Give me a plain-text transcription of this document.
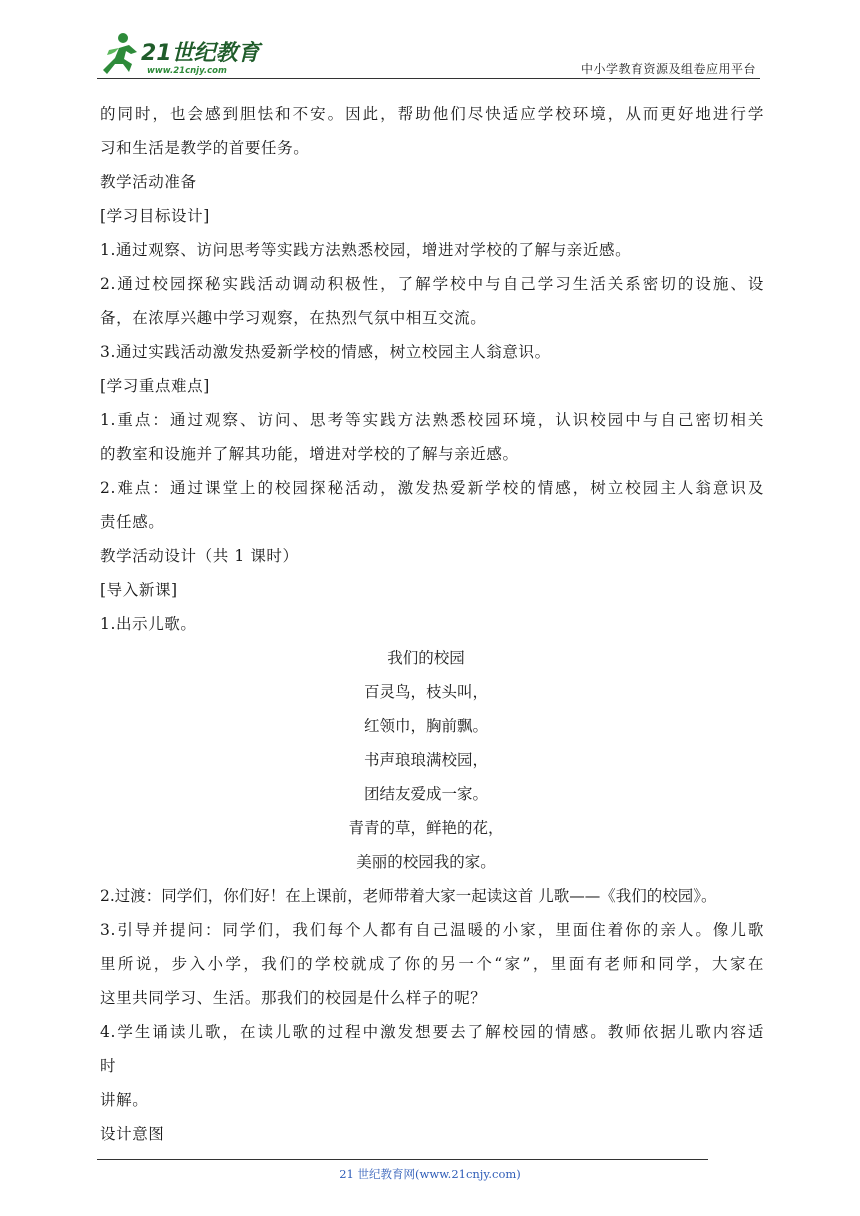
21世纪教育
www.21cnjy.com	中小学教育资源及组卷应用平台
的同时，也会感到胆怯和不安。因此，帮助他们尽快适应学校环境，从而更好地进行学
习和生活是教学的首要任务。
教学活动准备
[学习目标设计]
1.通过观察、访问思考等实践方法熟悉校园，增进对学校的了解与亲近感。
2.通过校园探秘实践活动调动积极性，了解学校中与自己学习生活关系密切的设施、设
备，在浓厚兴趣中学习观察，在热烈气氛中相互交流。
3.通过实践活动激发热爱新学校的情感，树立校园主人翁意识。
[学习重点难点]
1.重点：通过观察、访问、思考等实践方法熟悉校园环境，认识校园中与自己密切相关
的教室和设施并了解其功能，增进对学校的了解与亲近感。
2.难点：通过课堂上的校园探秘活动，激发热爱新学校的情感，树立校园主人翁意识及
责任感。
教学活动设计（共 1 课时）
[导入新课]
1.出示儿歌。
我们的校园
百灵鸟，枝头叫，
红领巾，胸前飘。
书声琅琅满校园，
团结友爱成一家。
青青的草，鲜艳的花，
美丽的校园我的家。
2.过渡：同学们，你们好！在上课前，老师带着大家一起读这首 儿歌——《我们的校园》。
3.引导并提问：同学们，我们每个人都有自己温暖的小家，里面住着你的亲人。像儿歌
里所说，步入小学，我们的学校就成了你的另一个“家”，里面有老师和同学，大家在
这里共同学习、生活。那我们的校园是什么样子的呢？
4.学生诵读儿歌，在读儿歌的过程中激发想要去了解校园的情感。教师依据儿歌内容适
时
讲解。
设计意图
21 世纪教育网(www.21cnjy.com)
